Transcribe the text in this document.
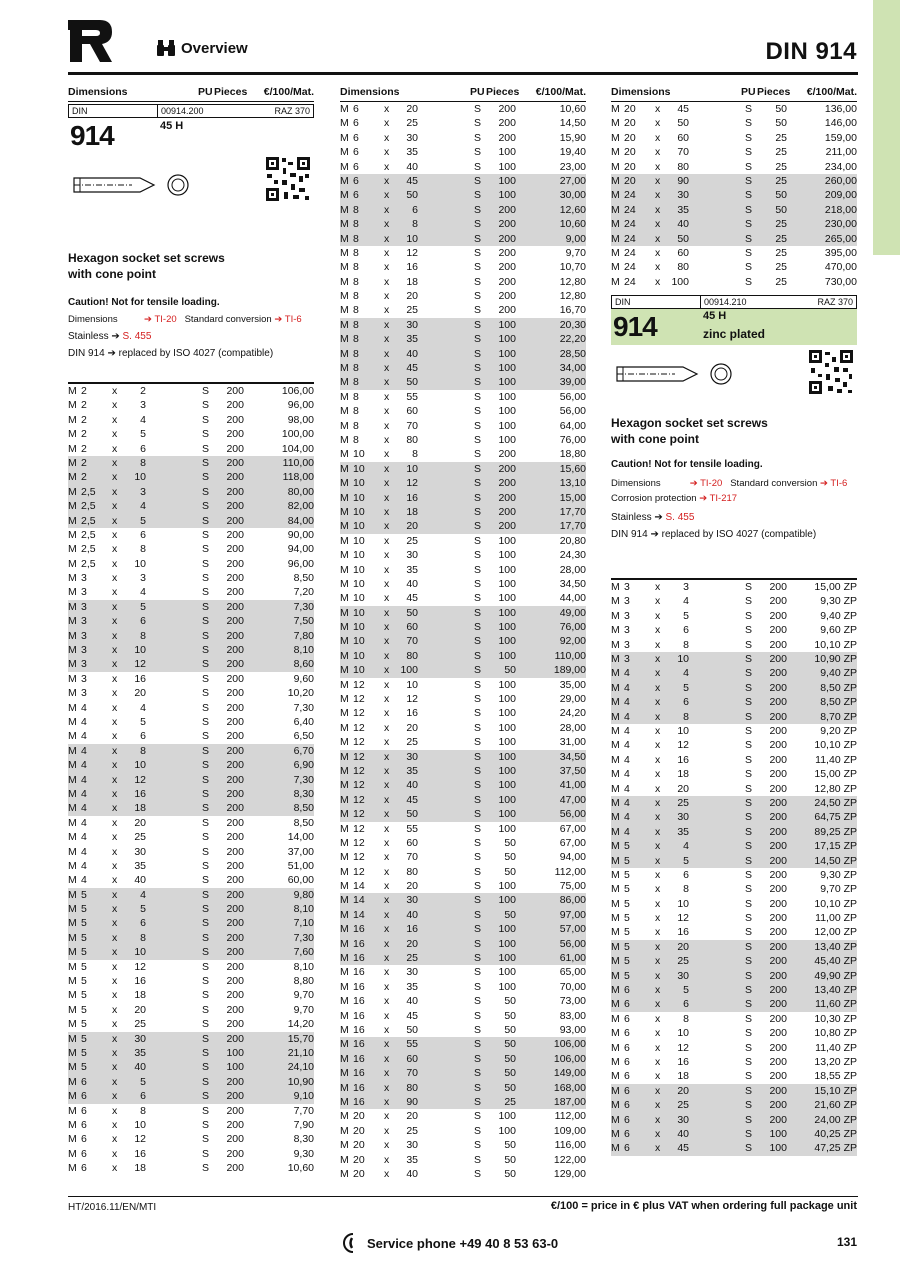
Overview	DIN 914
Dimensions	PU Pieces €/100/Mat.
DIN	00914.200	RAZ 370
914	45 H
Hexagon socket set screws
with cone point
Caution! Not for tensile loading.
Dimensions	➔ TI-20 Standard conversion ➔ TI-6
Stainless ➔ S. 455
DIN 914 ➔ replaced by ISO 4027 (compatible)
M 2 x	2	S	200	106,00
M 2 x	3	S	200	96,00
M 2 x	4	S	200	98,00
M 2 x	5	S	200	100,00
M 2 x	6	S	200	104,00
M 2 x	8	S	200	110,00
M 2 x	10	S	200	118,00
M 2,5 x	3	S	200	80,00
M 2,5 x	4	S	200	82,00
M 2,5 x	5	S	200	84,00
M 2,5 x	6	S	200	90,00
M 2,5 x	8	S	200	94,00
M 2,5 x	10	S	200	96,00
M 3 x	3	S	200	8,50
M 3 x	4	S	200	7,20
M 3 x	5	S	200	7,30
M 3 x	6	S	200	7,50
M 3 x	8	S	200	7,80
M 3 x	10	S	200	8,10
M 3 x	12	S	200	8,60
M 3 x	16	S	200	9,60
M 3 x	20	S	200	10,20
M 4 x	4	S	200	7,30
M 4 x	5	S	200	6,40
M 4 x	6	S	200	6,50
M 4 x	8	S	200	6,70
M 4 x	10	S	200	6,90
M 4 x	12	S	200	7,30
M 4 x	16	S	200	8,30
M 4 x	18	S	200	8,50
M 4 x	20	S	200	8,50
M 4 x	25	S	200	14,00
M 4 x	30	S	200	37,00
M 4 x	35	S	200	51,00
M 4 x	40	S	200	60,00
M 5 x	4	S	200	9,80
M 5 x	5	S	200	8,10
M 5 x	6	S	200	7,10
M 5 x	8	S	200	7,30
M 5 x	10	S	200	7,60
M 5 x	12	S	200	8,10
M 5 x	16	S	200	8,80
M 5 x	18	S	200	9,70
M 5 x	20	S	200	9,70
M 5 x	25	S	200	14,20
M 5 x	30	S	200	15,70
M 5 x	35	S	100	21,10
M 5 x	40	S	100	24,10
M 6 x	5	S	200	10,90
M 6 x	6	S	200	9,10
M 6 x	8	S	200	7,70
M 6 x	10	S	200	7,90
M 6 x	12	S	200	8,30
M 6 x	16	S	200	9,30
M 6 x	18	S	200	10,60
Dimensions	PU Pieces €/100/Mat.
M 6 x	20	S	200	10,60
M 6 x	25	S	200	14,50
M 6 x	30	S	200	15,90
M 6 x	35	S	100	19,40
M 6 x	40	S	100	23,00
M 6 x	45	S	100	27,00
M 6 x	50	S	100	30,00
M 8 x	6	S	200	12,60
M 8 x	8	S	200	10,60
M 8 x	10	S	200	9,00
M 8 x	12	S	200	9,70
M 8 x	16	S	200	10,70
M 8 x	18	S	200	12,80
M 8 x	20	S	200	12,80
M 8 x	25	S	200	16,70
M 8 x	30	S	100	20,30
M 8 x	35	S	100	22,20
M 8 x	40	S	100	28,50
M 8 x	45	S	100	34,00
M 8 x	50	S	100	39,00
M 8 x	55	S	100	56,00
M 8 x	60	S	100	56,00
M 8 x	70	S	100	64,00
M 8 x	80	S	100	76,00
M 10 x	8	S	200	18,80
M 10 x	10	S	200	15,60
M 10 x	12	S	200	13,10
M 10 x	16	S	200	15,00
M 10 x	18	S	200	17,70
M 10 x	20	S	200	17,70
M 10 x	25	S	100	20,80
M 10 x	30	S	100	24,30
M 10 x	35	S	100	28,00
M 10 x	40	S	100	34,50
M 10 x	45	S	100	44,00
M 10 x	50	S	100	49,00
M 10 x	60	S	100	76,00
M 10 x	70	S	100	92,00
M 10 x	80	S	100	110,00
M 10 x	100	S	50	189,00
M 12 x	10	S	100	35,00
M 12 x	12	S	100	29,00
M 12 x	16	S	100	24,20
M 12 x	20	S	100	28,00
M 12 x	25	S	100	31,00
M 12 x	30	S	100	34,50
M 12 x	35	S	100	37,50
M 12 x	40	S	100	41,00
M 12 x	45	S	100	47,00
M 12 x	50	S	100	56,00
M 12 x	55	S	100	67,00
M 12 x	60	S	50	67,00
M 12 x	70	S	50	94,00
M 12 x	80	S	50	112,00
M 14 x	20	S	100	75,00
M 14 x	30	S	100	86,00
M 14 x	40	S	50	97,00
M 16 x	16	S	100	57,00
M 16 x	20	S	100	56,00
M 16 x	25	S	100	61,00
M 16 x	30	S	100	65,00
M 16 x	35	S	100	70,00
M 16 x	40	S	50	73,00
M 16 x	45	S	50	83,00
M 16 x	50	S	50	93,00
M 16 x	55	S	50	106,00
M 16 x	60	S	50	106,00
M 16 x	70	S	50	149,00
M 16 x	80	S	50	168,00
M 16 x	90	S	25	187,00
M 20 x	20	S	100	112,00
M 20 x	25	S	100	109,00
M 20 x	30	S	50	116,00
M 20 x	35	S	50	122,00
M 20 x	40	S	50	129,00
Dimensions	PU Pieces €/100/Mat.
M 20 x	45	S	50	136,00
M 20 x	50	S	50	146,00
M 20 x	60	S	25	159,00
M 20 x	70	S	25	211,00
M 20 x	80	S	25	234,00
M 20 x	90	S	25	260,00
M 24 x	30	S	50	209,00
M 24 x	35	S	50	218,00
M 24 x	40	S	25	230,00
M 24 x	50	S	25	265,00
M 24 x	60	S	25	395,00
M 24 x	80	S	25	470,00
M 24 x	100	S	25	730,00
DIN	00914.210	RAZ 370
914	45 H
zinc plated
Hexagon socket set screws
with cone point
Caution! Not for tensile loading.
Dimensions	➔ TI-20 Standard conversion ➔ TI-6
Corrosion protection ➔ TI-217
Stainless ➔ S. 455
DIN 914 ➔ replaced by ISO 4027 (compatible)
M 3 x	3	S	200	15,00 ZP
M 3 x	4	S	200	9,30 ZP
M 3 x	5	S	200	9,40 ZP
M 3 x	6	S	200	9,60 ZP
M 3 x	8	S	200	10,10 ZP
M 3 x	10	S	200	10,90 ZP
M 4 x	4	S	200	9,40 ZP
M 4 x	5	S	200	8,50 ZP
M 4 x	6	S	200	8,50 ZP
M 4 x	8	S	200	8,70 ZP
M 4 x	10	S	200	9,20 ZP
M 4 x	12	S	200	10,10 ZP
M 4 x	16	S	200	11,40 ZP
M 4 x	18	S	200	15,00 ZP
M 4 x	20	S	200	12,80 ZP
M 4 x	25	S	200	24,50 ZP
M 4 x	30	S	200	64,75 ZP
M 4 x	35	S	200	89,25 ZP
M 5 x	4	S	200	17,15 ZP
M 5 x	5	S	200	14,50 ZP
M 5 x	6	S	200	9,30 ZP
M 5 x	8	S	200	9,70 ZP
M 5 x	10	S	200	10,10 ZP
M 5 x	12	S	200	11,00 ZP
M 5 x	16	S	200	12,00 ZP
M 5 x	20	S	200	13,40 ZP
M 5 x	25	S	200	45,40 ZP
M 5 x	30	S	200	49,90 ZP
M 6 x	5	S	200	13,40 ZP
M 6 x	6	S	200	11,60 ZP
M 6 x	8	S	200	10,30 ZP
M 6 x	10	S	200	10,80 ZP
M 6 x	12	S	200	11,40 ZP
M 6 x	16	S	200	13,20 ZP
M 6 x	18	S	200	18,55 ZP
M 6 x	20	S	200	15,10 ZP
M 6 x	25	S	200	21,60 ZP
M 6 x	30	S	200	24,00 ZP
M 6 x	40	S	100	40,25 ZP
M 6 x	45	S	100	47,25 ZP
HT/2016.11/EN/MTI	€/100 = price in € plus VAT when ordering full package unit
Service phone +49 40 8 53 63-0	131
